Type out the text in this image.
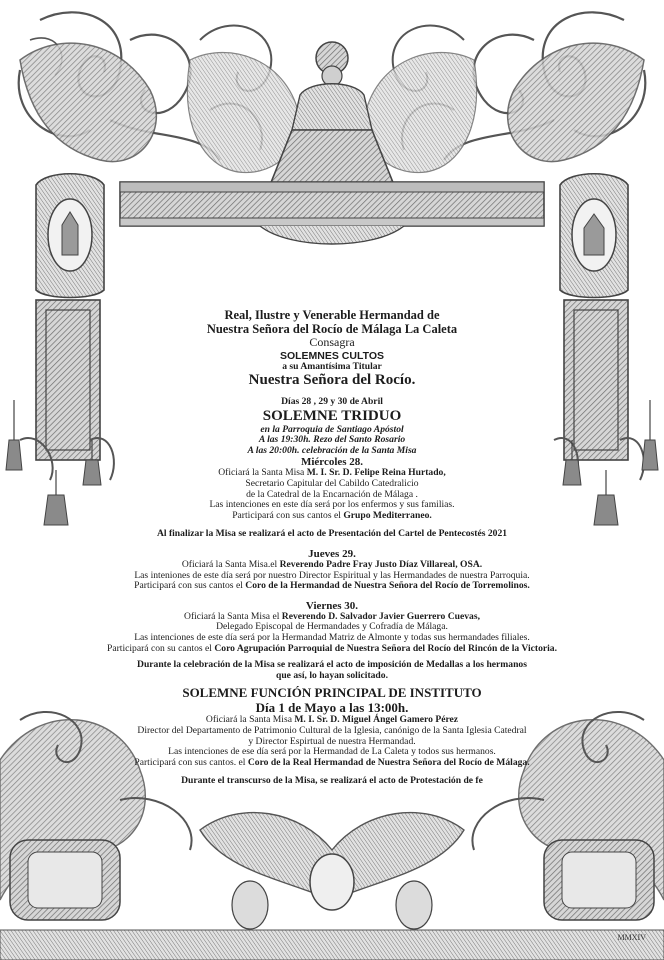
Real, Ilustre y Venerable Hermandad de
Nuestra Señora del Rocío de Málaga La Caleta
Consagra
SOLEMNES CULTOS
a su Amantísima Titular
Nuestra Señora del Rocío.
Días 28 , 29 y 30 de Abril
SOLEMNE TRIDUO
en la Parroquia de Santiago Apóstol
A las 19:30h. Rezo del Santo Rosario
A las 20:00h. celebración de la Santa Misa
Miércoles 28.
Oficiará la Santa Misa M. I. Sr. D. Felipe Reina Hurtado,
Secretario Capitular del Cabildo Catedralicio
de la Catedral de la Encarnación de Málaga .
Las intenciones en este día será por los enfermos y sus familias.
Participará con sus cantos el Grupo Mediterraneo.
Al finalizar la Misa se realizará el acto de Presentación del Cartel de Pentecostés 2021
Jueves 29.
Oficiará la Santa Misa.el Reverendo Padre Fray Justo Díaz Villareal, OSA.
Las inteniones de este día será por nuestro Director Espiritual y las Hermandades de nuestra Parroquia.
Participará con sus cantos el Coro de la Hermandad de Nuestra Señora del Rocío de Torremolinos.
Viernes 30.
Oficiará la Santa Misa el Reverendo D. Salvador Javier Guerrero Cuevas,
Delegado Episcopal de Hermandades y Cofradía de Málaga.
Las intenciones de este día será por la Hermandad Matriz de Almonte y todas sus hermandades filiales.
Participará con su cantos el Coro Agrupación Parroquial de Nuestra Señora del Rocío del Rincón de la Victoria.
Durante la celebración de la Misa se realizará el acto de imposición de Medallas a los hermanos
que así, lo hayan solicitado.
SOLEMNE FUNCIÓN PRINCIPAL DE INSTITUTO
Día 1 de Mayo a las 13:00h.
Oficiará la Santa Misa M. I. Sr. D. Miguel Ángel Gamero Pérez
Director del Departamento de Patrimonio Cultural de la Iglesia, canónigo de la Santa Iglesia Catedral
y Director Espirtual de nuestra Hermandad.
Las intenciones de ese día será por la Hermandad de La Caleta y todos sus hermanos.
Participará con sus cantos. el Coro de la Real Hermandad de Nuestra Señora del Rocío de Málaga.
Durante el transcurso de la Misa, se realizará el acto de Protestación de fe
MMXIV
